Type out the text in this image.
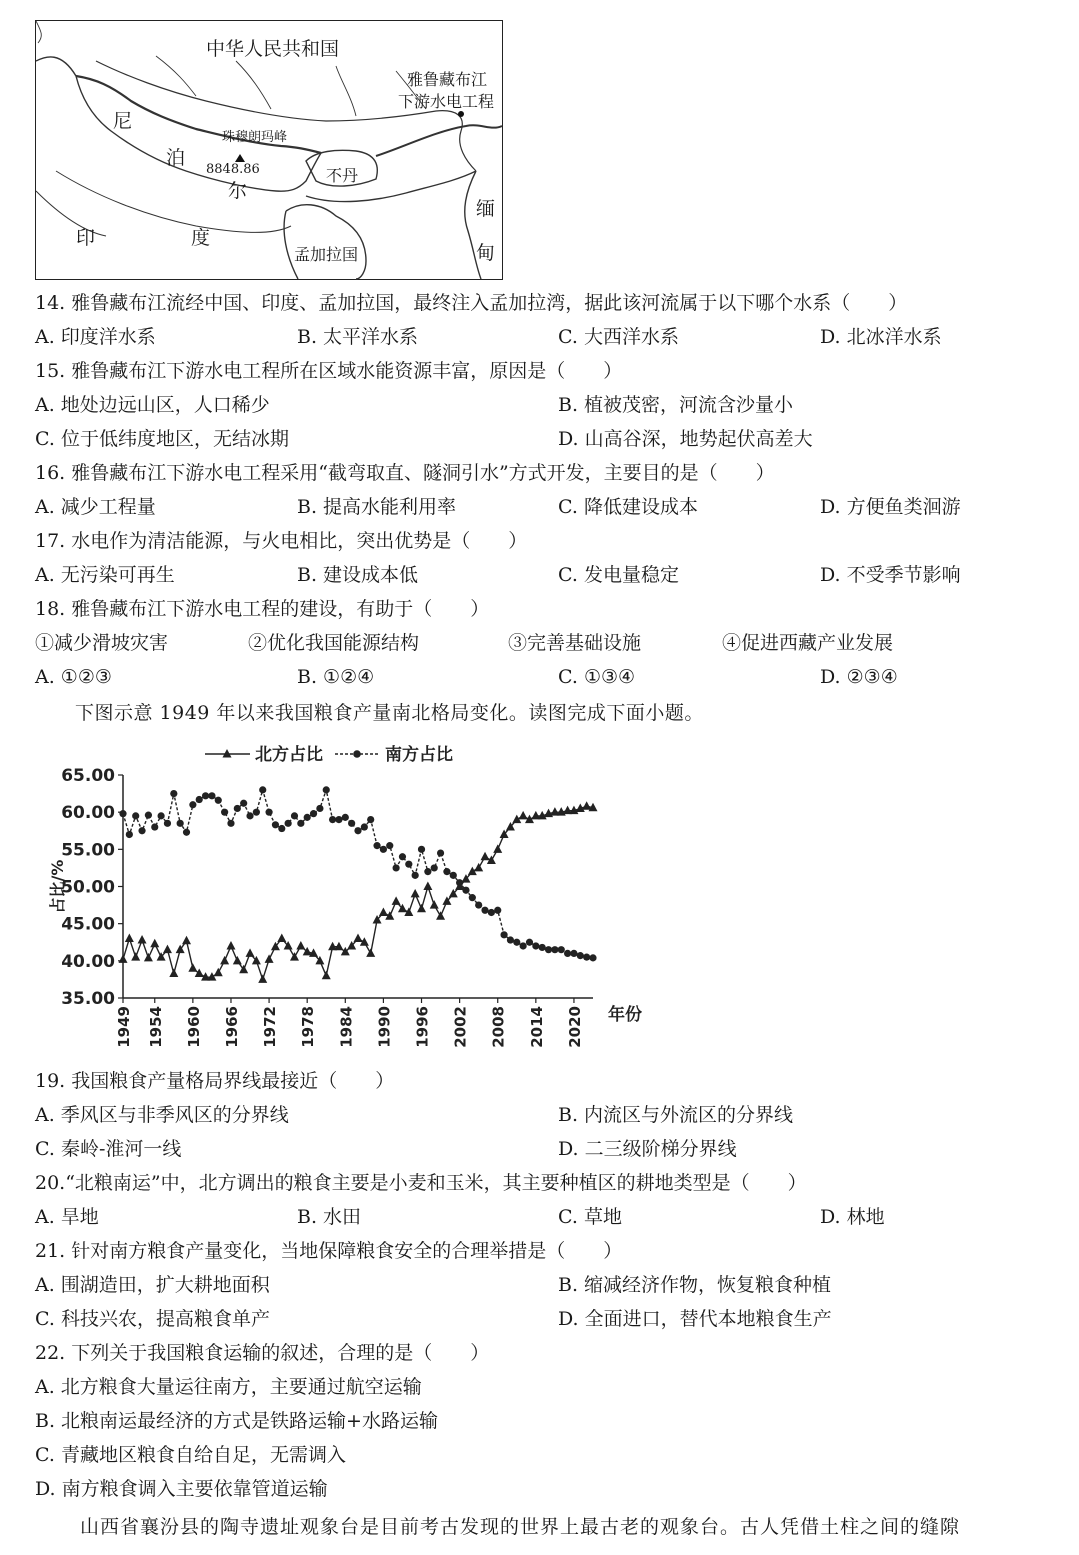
中华人民共和国
雅鲁藏布江
下游水电工程
珠穆朗玛峰
8848.86
尼
泊
尔
不丹
缅
甸
印	度
孟加拉国
14. 雅鲁藏布江流经中国、印度、孟加拉国，最终注入孟加拉湾，据此该河流属于以下哪个水系（　　）
A. 印度洋水系	B. 太平洋水系	C. 大西洋水系	D. 北冰洋水系
15. 雅鲁藏布江下游水电工程所在区域水能资源丰富，原因是（　　）
A. 地处边远山区，人口稀少	B. 植被茂密，河流含沙量小
C. 位于低纬度地区，无结冰期	D. 山高谷深，地势起伏高差大
16. 雅鲁藏布江下游水电工程采用“截弯取直、隧洞引水”方式开发，主要目的是（　　）
A. 减少工程量	B. 提高水能利用率	C. 降低建设成本	D. 方便鱼类洄游
17. 水电作为清洁能源，与火电相比，突出优势是（　　）
A. 无污染可再生	B. 建设成本低	C. 发电量稳定	D. 不受季节影响
18. 雅鲁藏布江下游水电工程的建设，有助于（　　）
①减少滑坡灾害	②优化我国能源结构	③完善基础设施	④促进西藏产业发展
A. ①②③	B. ①②④	C. ①③④	D. ②③④
下图示意 1949 年以来我国粮食产量南北格局变化。读图完成下面小题。
35.00
40.00
45.00
50.00
55.00
60.00
65.00
1949 1954 1960 1966 1972 1978 1984 1990 1996 2002 2008 2014 2020 年份
占比/%
北方占比	南方占比
19. 我国粮食产量格局界线最接近（　　）
A. 季风区与非季风区的分界线	B. 内流区与外流区的分界线
C. 秦岭-淮河一线	D. 二三级阶梯分界线
20.“北粮南运”中，北方调出的粮食主要是小麦和玉米，其主要种植区的耕地类型是（　　）
A. 旱地	B. 水田	C. 草地	D. 林地
21. 针对南方粮食产量变化，当地保障粮食安全的合理举措是（　　）
A. 围湖造田，扩大耕地面积	B. 缩减经济作物，恢复粮食种植
C. 科技兴农，提高粮食单产	D. 全面进口，替代本地粮食生产
22. 下列关于我国粮食运输的叙述，合理的是（　　）
A. 北方粮食大量运往南方，主要通过航空运输
B. 北粮南运最经济的方式是铁路运输+水路运输
C. 青藏地区粮食自给自足，无需调入
D. 南方粮食调入主要依靠管道运输
山西省襄汾县的陶寺遗址观象台是目前考古发现的世界上最古老的观象台。古人凭借土柱之间的缝隙
